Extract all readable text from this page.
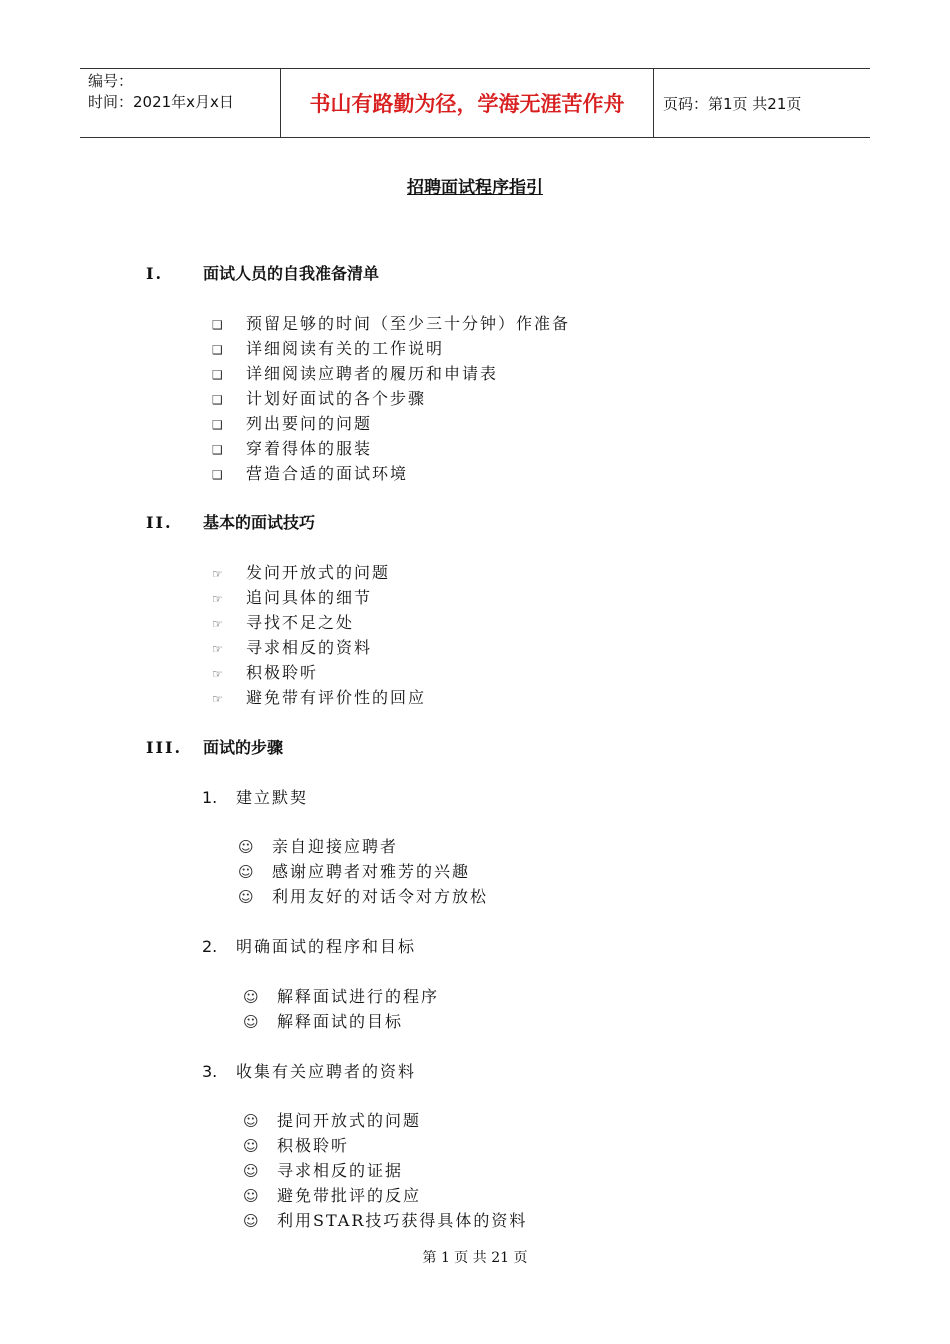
编号：
时间：2021年x月x日	书山有路勤为径，学海无涯苦作舟	页码：第1页 共21页
招聘面试程序指引
I. 面试人员的自我准备清单
❑ 预留足够的时间（至少三十分钟）作准备
❑ 详细阅读有关的工作说明
❑ 详细阅读应聘者的履历和申请表
❑ 计划好面试的各个步骤
❑ 列出要问的问题
❑ 穿着得体的服装
❑ 营造合适的面试环境
II. 基本的面试技巧
☞ 发问开放式的问题
☞ 追问具体的细节
☞ 寻找不足之处
☞ 寻求相反的资料
☞ 积极聆听
☞ 避免带有评价性的回应
III. 面试的步骤
1. 建立默契
☺ 亲自迎接应聘者
☺ 感谢应聘者对雅芳的兴趣
☺ 利用友好的对话令对方放松
2. 明确面试的程序和目标
☺ 解释面试进行的程序
☺ 解释面试的目标
3. 收集有关应聘者的资料
☺ 提问开放式的问题
☺ 积极聆听
☺ 寻求相反的证据
☺ 避免带批评的反应
☺ 利用STAR技巧获得具体的资料
第 1 页 共 21 页
